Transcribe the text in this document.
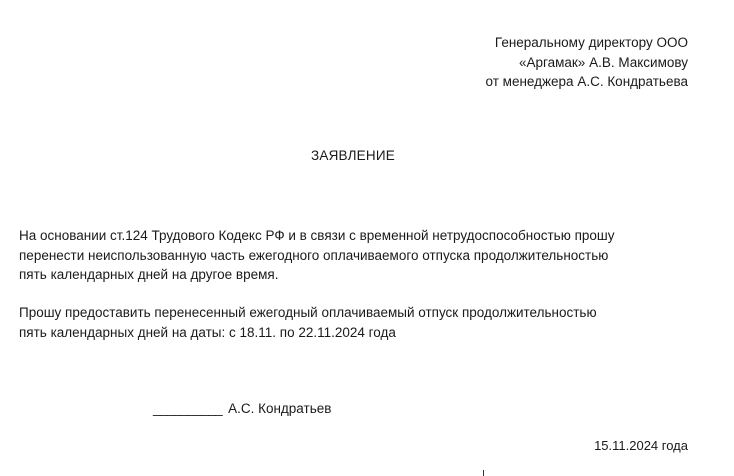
Генеральному директору ООО
«Аргамак» А.В. Максимову
от менеджера А.С. Кондратьева
ЗАЯВЛЕНИЕ
На основании ст.124 Трудового Кодекс РФ и в связи с временной нетрудоспособностью прошу
перенести неиспользованную часть ежегодного оплачиваемого отпуска продолжительностью
пять календарных дней на другое время.
Прошу предоставить перенесенный ежегодный оплачиваемый отпуск продолжительностью
пять календарных дней на даты: с 18.11. по 22.11.2024 года
__________ А.С. Кондратьев
15.11.2024 года
